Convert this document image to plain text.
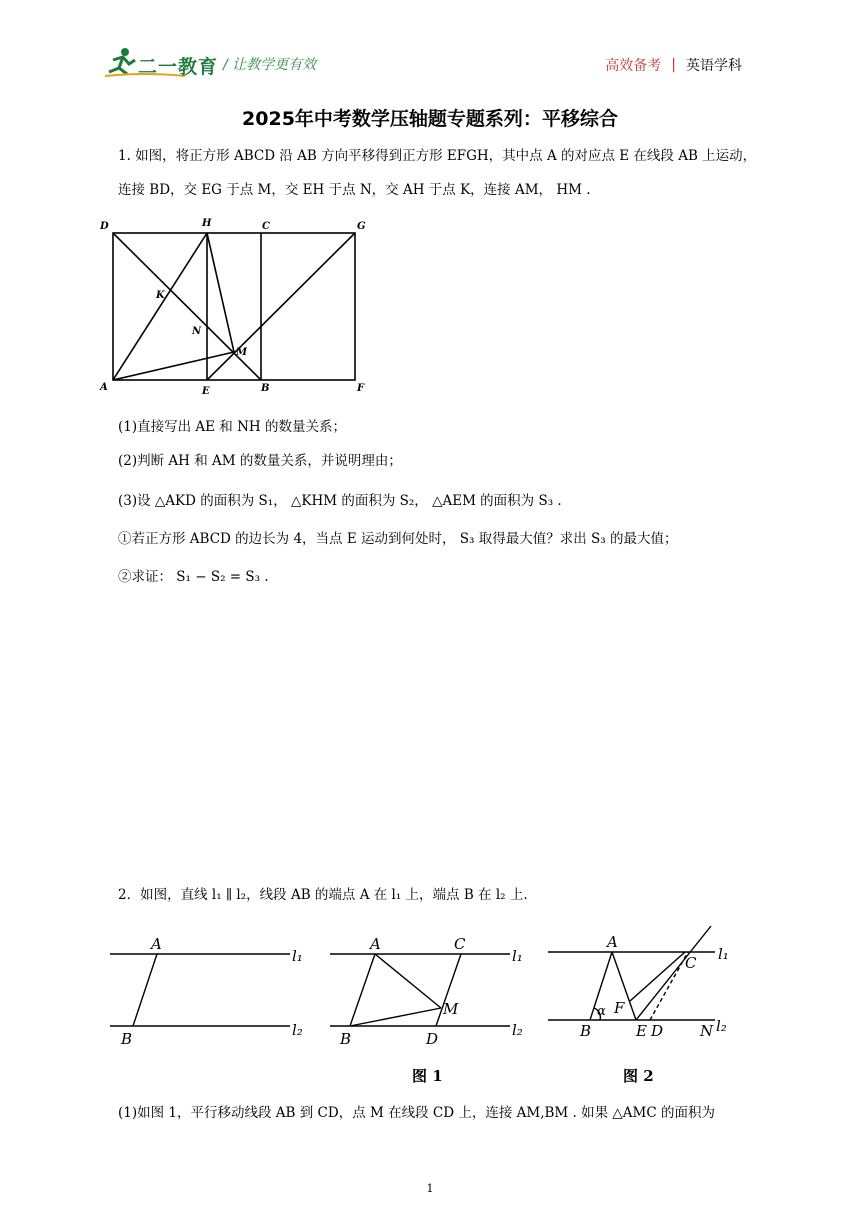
二一教育 / 让教学更有效	高效备考 | 英语学科
2025年中考数学压轴题专题系列：平移综合
1. 如图，将正方形 ABCD 沿 AB 方向平移得到正方形 EFGH，其中点 A 的对应点 E 在线段 AB 上运动，
连接 BD，交 EG 于点 M，交 EH 于点 N，交 AH 于点 K，连接 AM， HM .
D	H	C	G
K
N
M
A	E	B	F
(1)直接写出 AE 和 NH 的数量关系；
(2)判断 AH 和 AM 的数量关系，并说明理由；
(3)设 △AKD 的面积为 S₁， △KHM 的面积为 S₂， △AEM 的面积为 S₃ .
①若正方形 ABCD 的边长为 4，当点 E 运动到何处时， S₃ 取得最大值？求出 S₃ 的最大值；
②求证： S₁ − S₂ = S₃ .
2．如图，直线 l₁ ∥ l₂，线段 AB 的端点 A 在 l₁ 上，端点 B 在 l₂ 上.
A
B
l₁
l₂
A	C
M
B	D
l₁
l₂
A
C
F
α
B	E D N
l₁
l₂
图 1	图 2
(1)如图 1，平行移动线段 AB 到 CD，点 M 在线段 CD 上，连接 AM,BM . 如果 △AMC 的面积为
1
